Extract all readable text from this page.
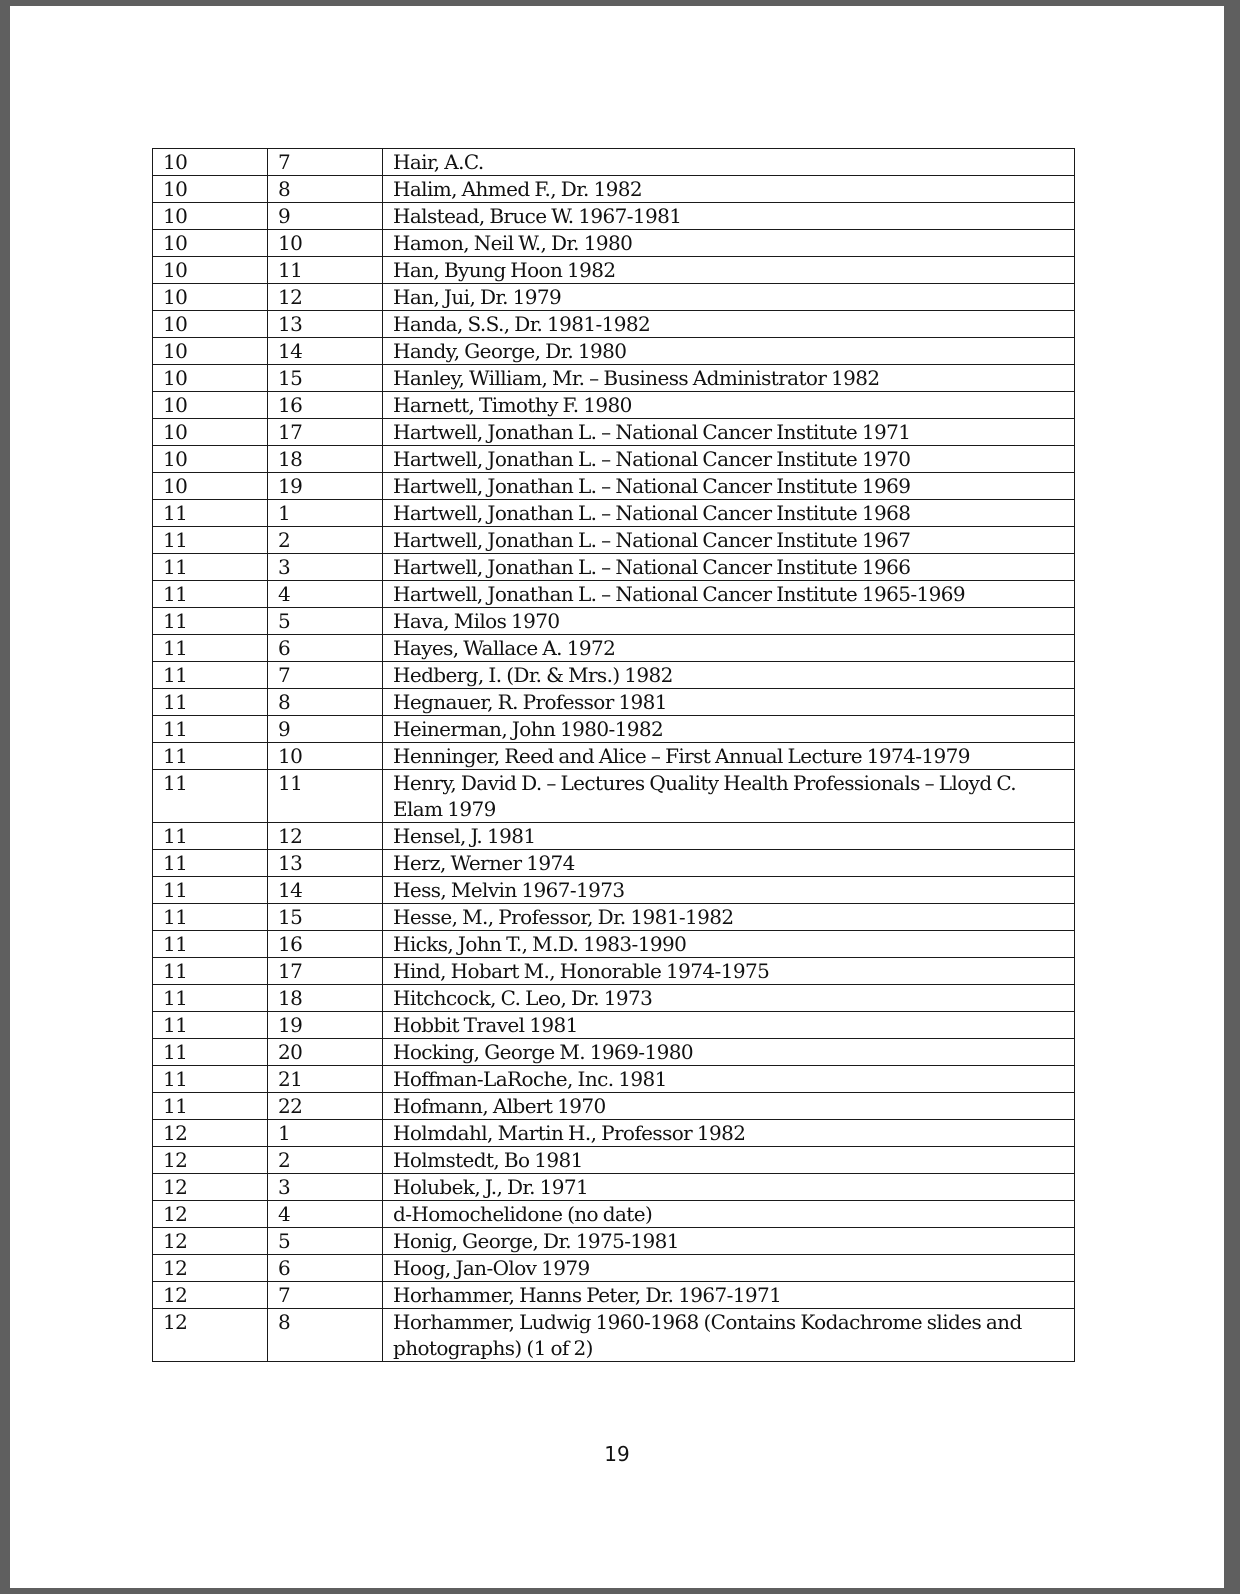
10	7	Hair, A.C.
10	8	Halim, Ahmed F., Dr. 1982
10	9	Halstead, Bruce W. 1967-1981
10	10	Hamon, Neil W., Dr. 1980
10	11	Han, Byung Hoon 1982
10	12	Han, Jui, Dr. 1979
10	13	Handa, S.S., Dr. 1981-1982
10	14	Handy, George, Dr. 1980
10	15	Hanley, William, Mr. – Business Administrator 1982
10	16	Harnett, Timothy F. 1980
10	17	Hartwell, Jonathan L. – National Cancer Institute 1971
10	18	Hartwell, Jonathan L. – National Cancer Institute 1970
10	19	Hartwell, Jonathan L. – National Cancer Institute 1969
11	1	Hartwell, Jonathan L. – National Cancer Institute 1968
11	2	Hartwell, Jonathan L. – National Cancer Institute 1967
11	3	Hartwell, Jonathan L. – National Cancer Institute 1966
11	4	Hartwell, Jonathan L. – National Cancer Institute 1965-1969
11	5	Hava, Milos 1970
11	6	Hayes, Wallace A. 1972
11	7	Hedberg, I. (Dr. & Mrs.) 1982
11	8	Hegnauer, R. Professor 1981
11	9	Heinerman, John 1980-1982
11	10	Henninger, Reed and Alice – First Annual Lecture 1974-1979
11	11	Henry, David D. – Lectures Quality Health Professionals – Lloyd C. Elam 1979
11	12	Hensel, J. 1981
11	13	Herz, Werner 1974
11	14	Hess, Melvin 1967-1973
11	15	Hesse, M., Professor, Dr. 1981-1982
11	16	Hicks, John T., M.D. 1983-1990
11	17	Hind, Hobart M., Honorable 1974-1975
11	18	Hitchcock, C. Leo, Dr. 1973
11	19	Hobbit Travel 1981
11	20	Hocking, George M. 1969-1980
11	21	Hoffman-LaRoche, Inc. 1981
11	22	Hofmann, Albert 1970
12	1	Holmdahl, Martin H., Professor 1982
12	2	Holmstedt, Bo 1981
12	3	Holubek, J., Dr. 1971
12	4	d-Homochelidone (no date)
12	5	Honig, George, Dr. 1975-1981
12	6	Hoog, Jan-Olov 1979
12	7	Horhammer, Hanns Peter, Dr. 1967-1971
12	8	Horhammer, Ludwig 1960-1968 (Contains Kodachrome slides and photographs) (1 of 2)
19
